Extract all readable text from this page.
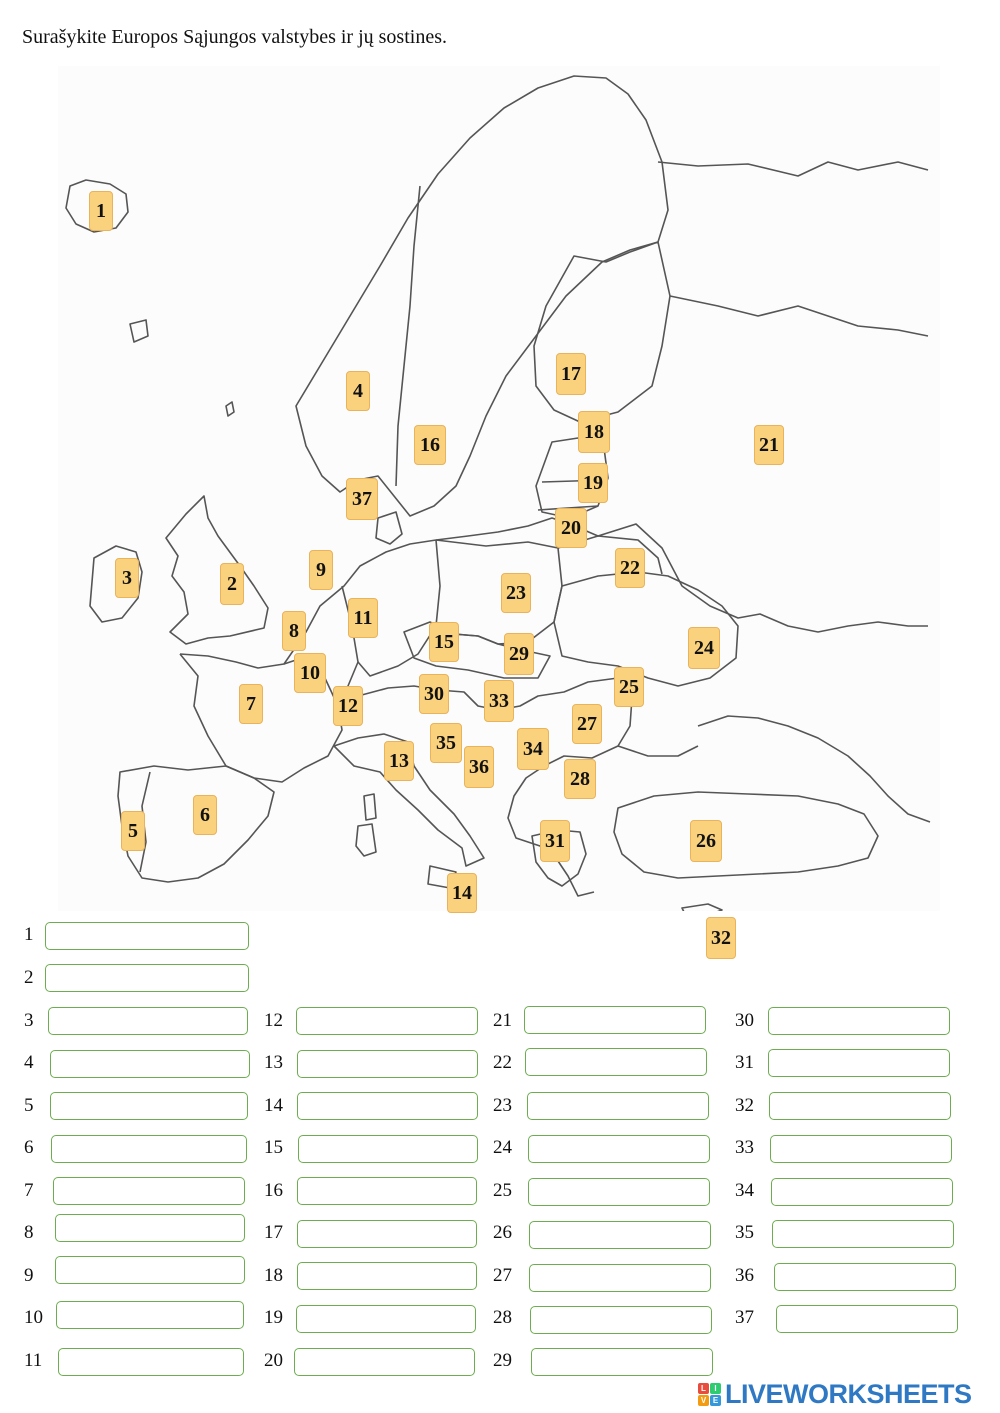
Surašykite Europos Sąjungos valstybes ir jų sostines.
1
2
3
4
5
6
7
8
9
10
11
12
13
14
15
16
17
18
19
20
21
22
23
24
25
26
27
28
29
30
31
32
33
34
35
36
37
1
2
3
4
5
6
7
8
9
10
11
12
13
14
15
16
17
18
19
20
21
22
23
24
25
26
27
28
29
30
31
32
33
34
35
36
37
L	I
V E LIVEWORKSHEETS
